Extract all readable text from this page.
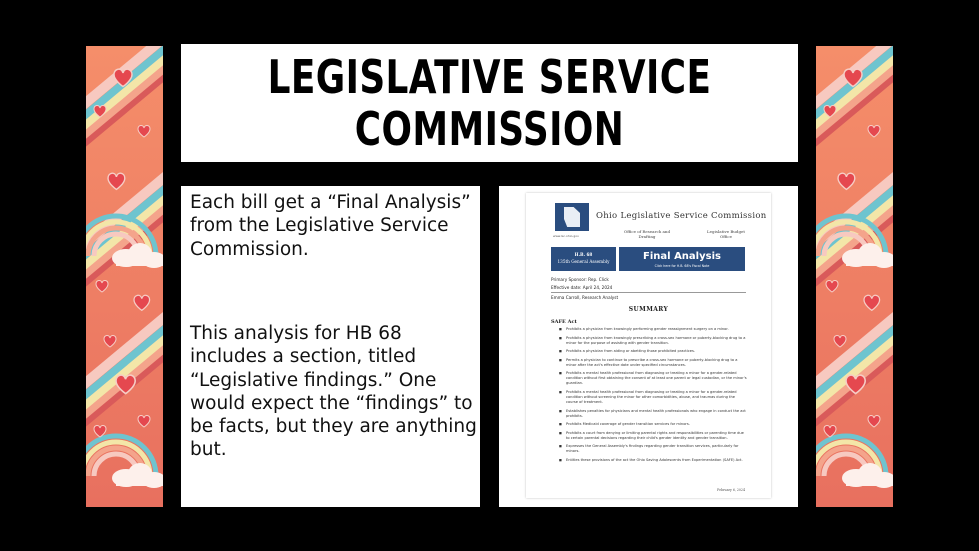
LEGISLATIVE SERVICE
COMMISSION

Each bill get a “Final Analysis” from the Legislative Service Commission.

This analysis for HB 68 includes a section, titled “Legislative findings.” One would expect the “findings” to be facts, but they are anything but.

www.lsc.ohio.gov
Ohio Legislative Service Commission
Office of Research and Drafting
Legislative Budget Office
H.B. 68
135th General Assembly	Final Analysis
Click here for H.B. 68's Fiscal Note
Primary Sponsor: Rep. Click
Effective date: April 24, 2024
Emma Carroll, Research Analyst
SUMMARY
SAFE Act
■ Prohibits a physician from knowingly performing gender reassignment surgery on a minor.
■ Prohibits a physician from knowingly prescribing a cross-sex hormone or puberty-blocking drug to a minor for the purpose of assisting with gender transition.
■ Prohibits a physician from aiding or abetting those prohibited practices.
■ Permits a physician to continue to prescribe a cross-sex hormone or puberty-blocking drug to a minor after the act's effective date under specified circumstances.
■ Prohibits a mental health professional from diagnosing or treating a minor for a gender-related condition without first obtaining the consent of at least one parent or legal custodian, or the minor's guardian.
■ Prohibits a mental health professional from diagnosing or treating a minor for a gender-related condition without screening the minor for other comorbidities, abuse, and traumas during the course of treatment.
■ Establishes penalties for physicians and mental health professionals who engage in conduct the act prohibits.
■ Prohibits Medicaid coverage of gender transition services for minors.
■ Prohibits a court from denying or limiting parental rights and responsibilities or parenting time due to certain parental decisions regarding their child's gender identity and gender transition.
■ Expresses the General Assembly's findings regarding gender transition services, particularly for minors.
■ Entitles these provisions of the act the Ohio Saving Adolescents from Experimentation (SAFE) Act.
February 6, 2024
